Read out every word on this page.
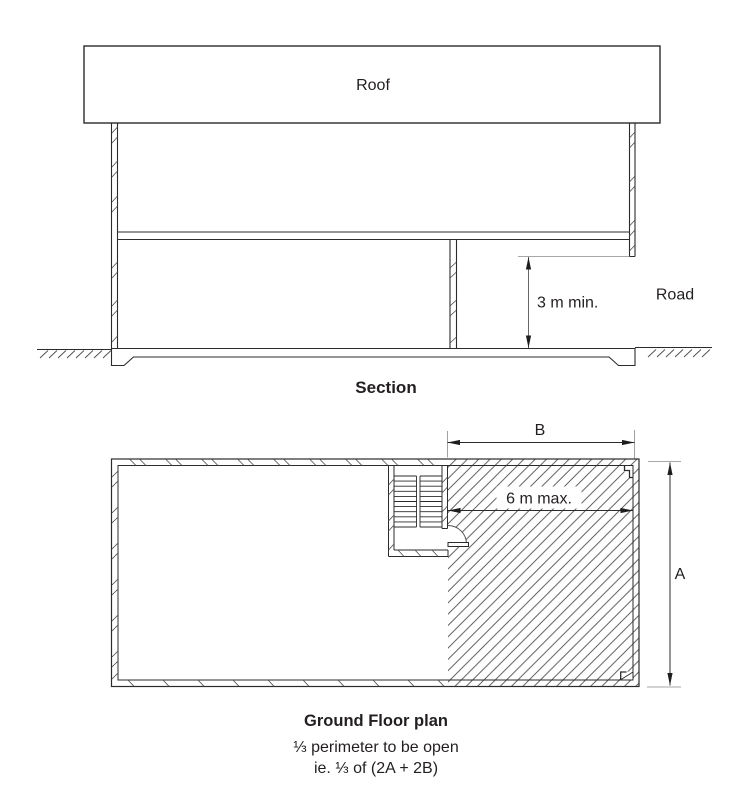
3 m min.
Roof
Road
Section
B
A
6 m max.
Ground Floor plan
⅓ perimeter to be open
ie. ⅓ of (2A + 2B)
